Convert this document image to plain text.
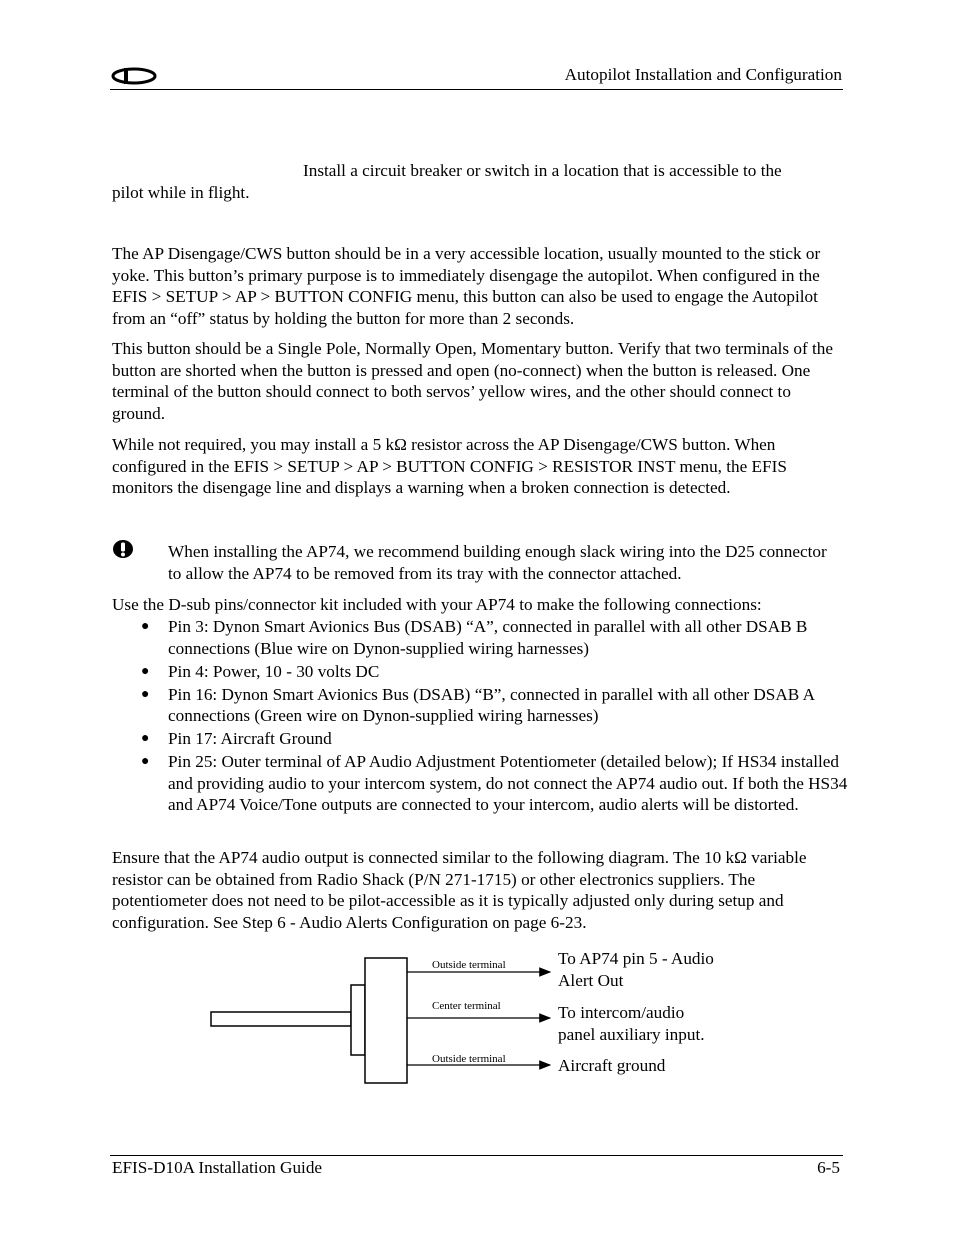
Autopilot Installation and Configuration

Install a circuit breaker or switch in a location that is accessible to the

pilot while in flight.

The AP Disengage/CWS button should be in a very accessible location, usually mounted to the stick or yoke. This button’s primary purpose is to immediately disengage the autopilot. When configured in the EFIS > SETUP > AP > BUTTON CONFIG menu, this button can also be used to engage the Autopilot from an “off” status by holding the button for more than 2 seconds.

This button should be a Single Pole, Normally Open, Momentary button. Verify that two terminals of the button are shorted when the button is pressed and open (no-connect) when the button is released. One terminal of the button should connect to both servos’ yellow wires, and the other should connect to ground.

While not required, you may install a 5 kΩ resistor across the AP Disengage/CWS button. When configured in the EFIS > SETUP > AP > BUTTON CONFIG > RESISTOR INST menu, the EFIS monitors the disengage line and displays a warning when a broken connection is detected.

When installing the AP74, we recommend building enough slack wiring into the D25 connector to allow the AP74 to be removed from its tray with the connector attached.

Use the D-sub pins/connector kit included with your AP74 to make the following connections:

● Pin 3: Dynon Smart Avionics Bus (DSAB) “A”, connected in parallel with all other DSAB B connections (Blue wire on Dynon-supplied wiring harnesses)
● Pin 4: Power, 10 - 30 volts DC
● Pin 16: Dynon Smart Avionics Bus (DSAB) “B”, connected in parallel with all other DSAB A connections (Green wire on Dynon-supplied wiring harnesses)
● Pin 17: Aircraft Ground
● Pin 25: Outer terminal of AP Audio Adjustment Potentiometer (detailed below); If HS34 installed and providing audio to your intercom system, do not connect the AP74 audio out. If both the HS34 and AP74 Voice/Tone outputs are connected to your intercom, audio alerts will be distorted.

Ensure that the AP74 audio output is connected similar to the following diagram. The 10 kΩ variable resistor can be obtained from Radio Shack (P/N 271-1715) or other electronics suppliers. The potentiometer does not need to be pilot-accessible as it is typically adjusted only during setup and configuration. See Step 6 - Audio Alerts Configuration on page 6-23.

Outside terminal
Center terminal
Outside terminal
To AP74 pin 5 - Audio
Alert Out
To intercom/audio
panel auxiliary input.
Aircraft ground
EFIS-D10A Installation Guide	6-5
